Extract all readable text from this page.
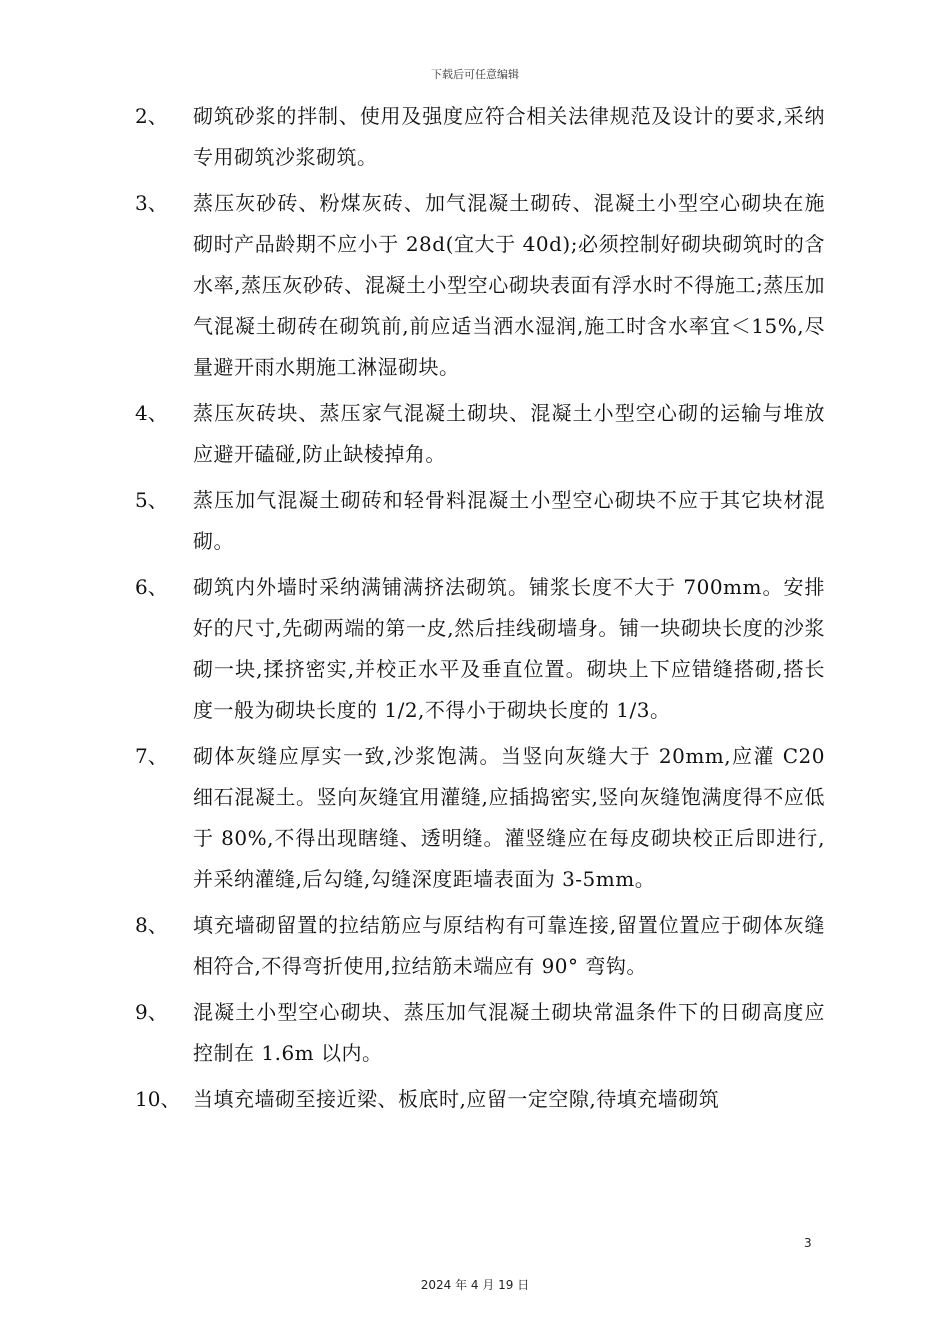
下载后可任意编辑
2、	砌筑砂浆的拌制、使用及强度应符合相关法律规范及设计的要求,采纳专用砌筑沙浆砌筑。
3、	蒸压灰砂砖、粉煤灰砖、加气混凝土砌砖、混凝土小型空心砌块在施砌时产品龄期不应小于 28d(宜大于 40d);必须控制好砌块砌筑时的含水率,蒸压灰砂砖、混凝土小型空心砌块表面有浮水时不得施工;蒸压加气混凝土砌砖在砌筑前,前应适当洒水湿润,施工时含水率宜＜15%,尽量避开雨水期施工淋湿砌块。
4、	蒸压灰砖块、蒸压家气混凝土砌块、混凝土小型空心砌的运输与堆放应避开磕碰,防止缺棱掉角。
5、	蒸压加气混凝土砌砖和轻骨料混凝土小型空心砌块不应于其它块材混砌。
6、	砌筑内外墙时采纳满铺满挤法砌筑。铺浆长度不大于 700mm。安排好的尺寸,先砌两端的第一皮,然后挂线砌墙身。铺一块砌块长度的沙浆砌一块,揉挤密实,并校正水平及垂直位置。砌块上下应错缝搭砌,搭长度一般为砌块长度的 1/2,不得小于砌块长度的 1/3。
7、	砌体灰缝应厚实一致,沙浆饱满。当竖向灰缝大于 20mm,应灌 C20 细石混凝土。竖向灰缝宜用灌缝,应插捣密实,竖向灰缝饱满度得不应低于 80%,不得出现瞎缝、透明缝。灌竖缝应在每皮砌块校正后即进行,并采纳灌缝,后勾缝,勾缝深度距墙表面为 3-5mm。
8、	填充墙砌留置的拉结筋应与原结构有可靠连接,留置位置应于砌体灰缝相符合,不得弯折使用,拉结筋未端应有 90° 弯钩。
9、	混凝土小型空心砌块、蒸压加气混凝土砌块常温条件下的日砌高度应控制在 1.6m 以内。
10、 当填充墙砌至接近梁、板底时,应留一定空隙,待填充墙砌筑
3
2024 年 4 月 19 日
